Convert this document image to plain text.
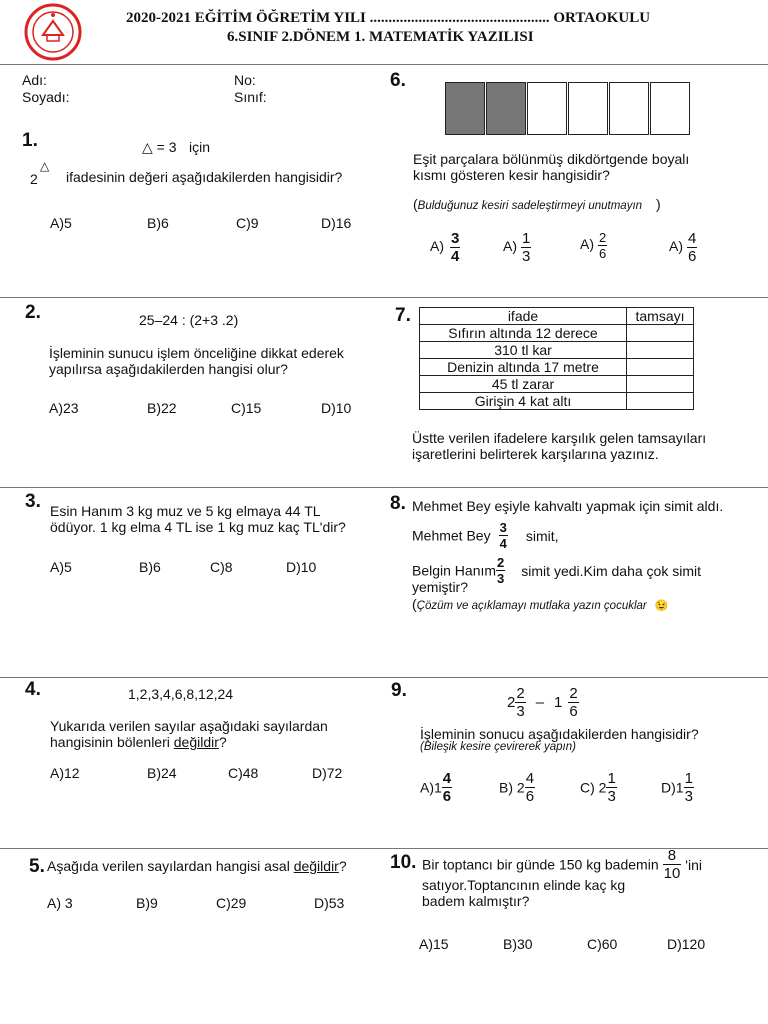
2020-2021 EĞİTİM ÖĞRETİM YILI ................................................ ORTAOKULU
6.SINIF 2.DÖNEM 1. MATEMATİK YAZILISI
Adı:
Soyadı:
No:
Sınıf:
1.	△ = 3 için
2
△
ifadesinin değeri aşağıdakilerden hangisidir?
A)5	B)6	C)9	D)16
6.
Eşit parçalara bölünmüş dikdörtgende boyalı
kısmı gösteren kesir hangisidir?
(Bulduğunuz kesiri sadeleştirmeyi unutmayın )
$A) \frac{3}{4}$	$A) \frac{1}{3}$	$A) \frac{2}{6}$	$A) \frac{4}{6}$
2.	25–24 : (2+3 .2)
İşleminin sunucu işlem önceliğine dikkat ederek
yapılırsa aşağıdakilerden hangisi olur?
A)23	B)22	C)15	D)10
7.	ifade	tamsayı
Sıfırın altında 12 derece	
310 tl kar	
Denizin altında 17 metre	
45 tl zarar	
Girişin 4 kat altı	
Üstte verilen ifadelere karşılık gelen tamsayıları
işaretlerini belirterek karşılarına yazınız.
3. Esin Hanım 3 kg muz ve 5 kg elmaya 44 TL
ödüyor. 1 kg elma 4 TL ise 1 kg muz kaç TL'dir?
A)5	B)6	C)8	D)10
8. Mehmet Bey eşiyle kahvaltı yapmak için simit aldı.
Mehmet Bey $\frac{3}{4}$ simit,
Belgin Hanım $\frac{2}{3}$ simit yedi.Kim daha çok simit
yemiştir?
(Çözüm ve açıklamayı mutlaka yazın çocuklar 😉
4.	1,2,3,4,6,8,12,24
Yukarıda verilen sayılar aşağıdaki sayılardan
hangisinin bölenleri değildir?
A)12	B)24	C)48	D)72
9.
$2 \frac{2}{3} - 1 \frac{2}{6}$
İşleminin sonucu aşağıdakilerden hangisidir?
(Bileşik kesire çevirerek yapın)
$A)1 \frac{4}{6}$	B) $2 \frac{4}{6}$	C) $2 \frac{1}{3}$	$D)1 \frac{1}{3}$
5. Aşağıda verilen sayılardan hangisi asal değildir?
A) 3	B)9	C)29	D)53
10. Bir toptancı bir günde 150 kg bademin $\frac{8}{10}$ 'ini
satıyor.Toptancının elinde kaç kg
badem kalmıştır?
A)15	B)30	C)60	D)120
